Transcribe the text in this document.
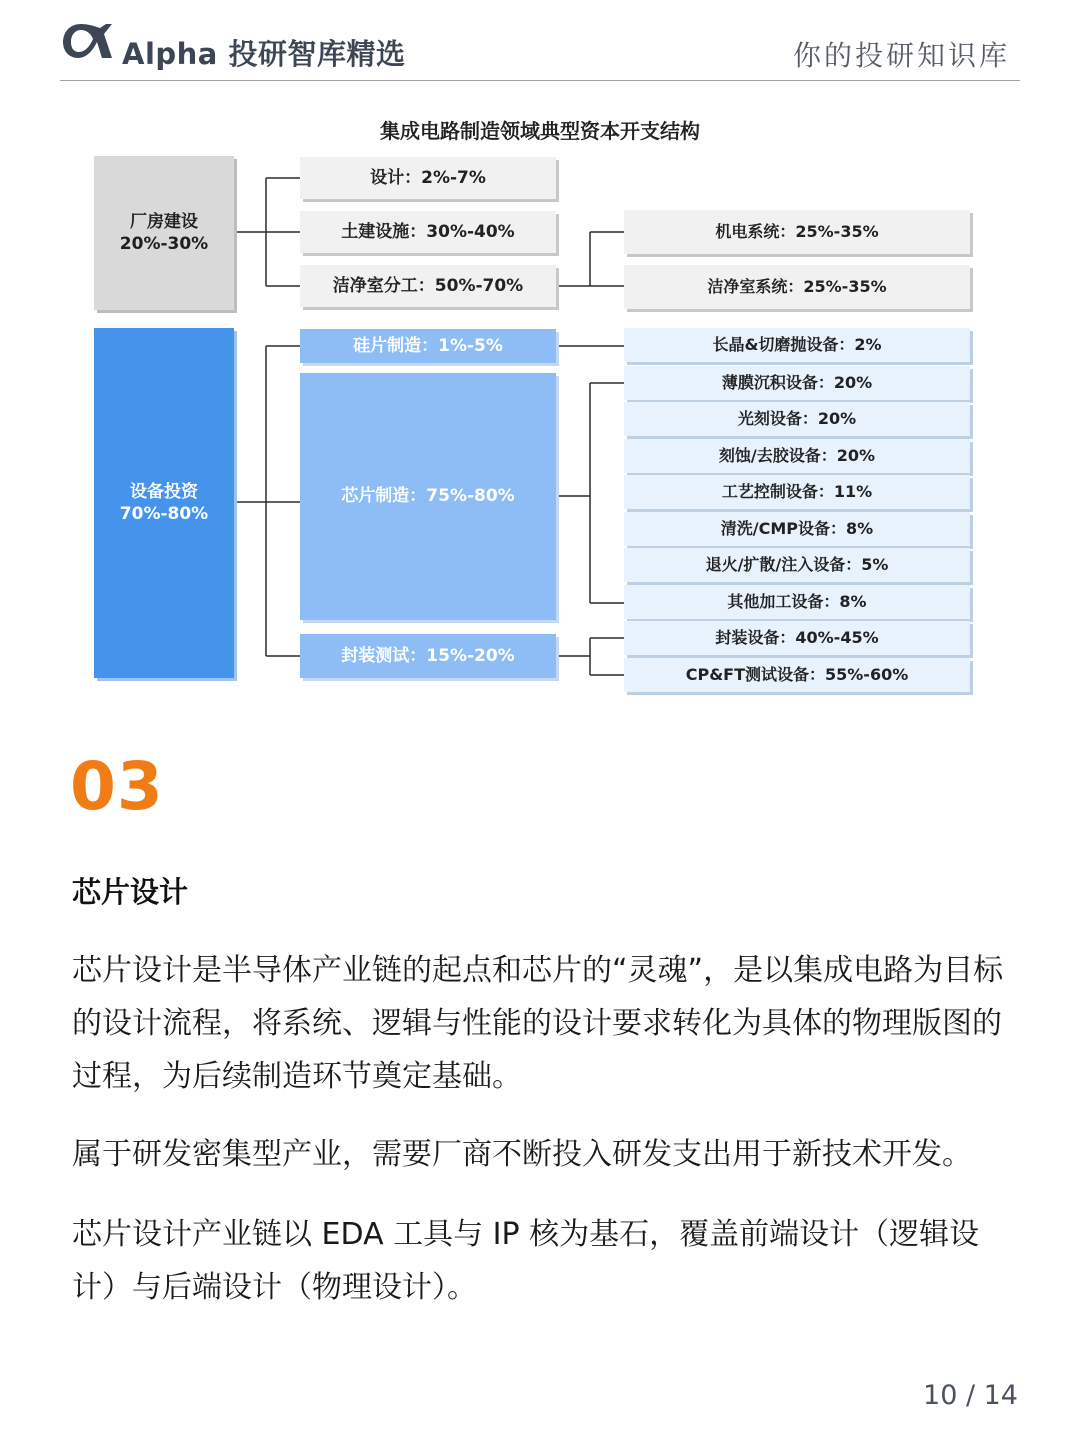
Alpha 投研智库精选	你的投研知识库
集成电路制造领域典型资本开支结构
厂房建设
20%-30%
设备投资
70%-80%
设计：2%-7%
土建设施：30%-40%
洁净室分工：50%-70%
硅片制造：1%-5%
芯片制造：75%-80%
封装测试：15%-20%
机电系统：25%-35%
洁净室系统：25%-35%
长晶&切磨抛设备：2%
薄膜沉积设备：20%
光刻设备：20%
刻蚀/去胶设备：20%
工艺控制设备：11%
清洗/CMP设备：8%
退火/扩散/注入设备：5%
其他加工设备：8%
封装设备：40%-45%
CP&FT测试设备：55%-60%
03
芯片设计

芯片设计是半导体产业链的起点和芯片的“灵魂”，是以集成电路为目标的设计流程，将系统、逻辑与性能的设计要求转化为具体的物理版图的过程，为后续制造环节奠定基础。

属于研发密集型产业，需要厂商不断投入研发支出用于新技术开发。

芯片设计产业链以 EDA 工具与 IP 核为基石，覆盖前端设计（逻辑设计）与后端设计（物理设计）。

10 / 14
